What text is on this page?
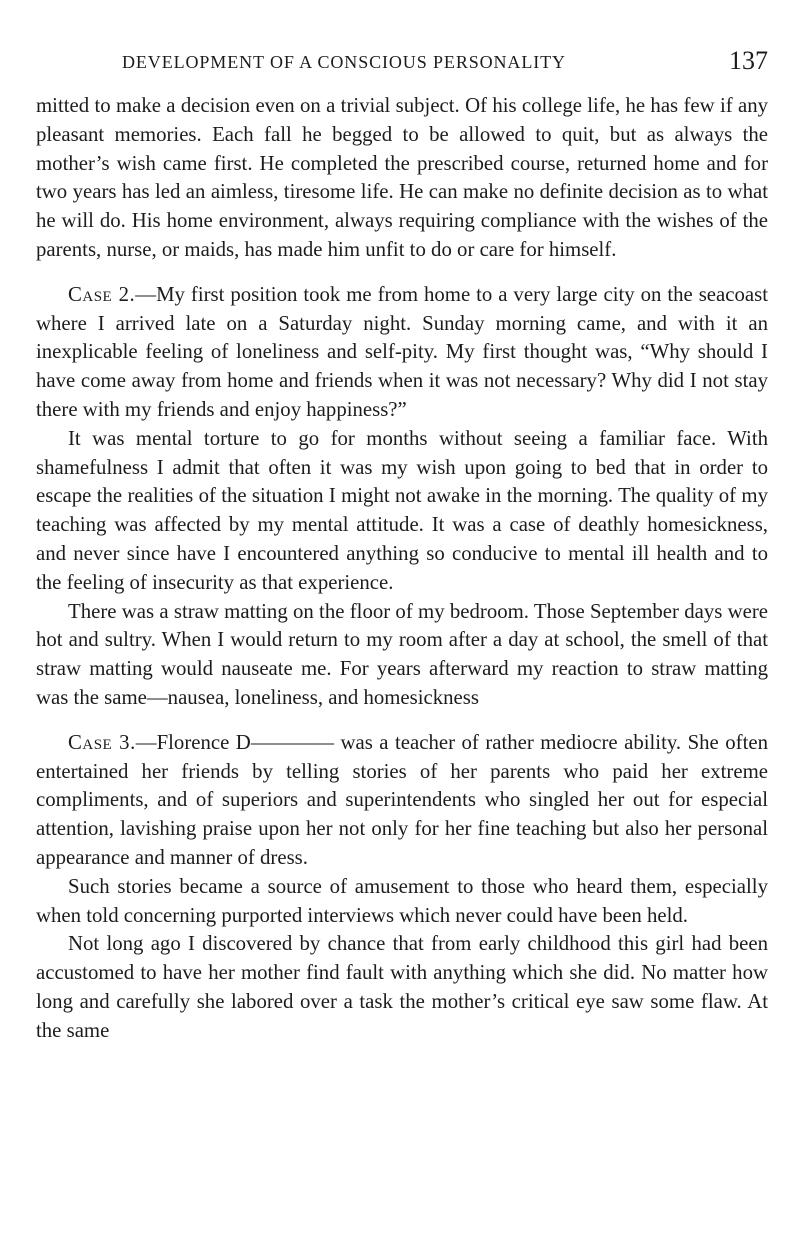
DEVELOPMENT OF A CONSCIOUS PERSONALITY	137

mitted to make a decision even on a trivial subject. Of his college life, he has few if any pleasant memories. Each fall he begged to be allowed to quit, but as always the mother’s wish came first. He completed the prescribed course, returned home and for two years has led an aimless, tiresome life. He can make no definite decision as to what he will do. His home environment, always requiring compliance with the wishes of the parents, nurse, or maids, has made him unfit to do or care for himself.

Case 2.—My first position took me from home to a very large city on the seacoast where I arrived late on a Saturday night. Sunday morning came, and with it an inexplicable feeling of loneliness and self-pity. My first thought was, “Why should I have come away from home and friends when it was not necessary? Why did I not stay there with my friends and enjoy happiness?”

It was mental torture to go for months without seeing a familiar face. With shamefulness I admit that often it was my wish upon going to bed that in order to escape the realities of the situation I might not awake in the morning. The quality of my teaching was affected by my mental attitude. It was a case of deathly homesickness, and never since have I encountered anything so conducive to mental ill health and to the feeling of insecurity as that experience.

There was a straw matting on the floor of my bedroom. Those September days were hot and sultry. When I would return to my room after a day at school, the smell of that straw matting would nauseate me. For years afterward my reaction to straw matting was the same—nausea, loneliness, and homesickness

Case 3.—Florence D———— was a teacher of rather mediocre ability. She often entertained her friends by telling stories of her parents who paid her extreme compliments, and of superiors and superintendents who singled her out for especial attention, lavishing praise upon her not only for her fine teaching but also her personal appearance and manner of dress.

Such stories became a source of amusement to those who heard them, especially when told concerning purported interviews which never could have been held.

Not long ago I discovered by chance that from early childhood this girl had been accustomed to have her mother find fault with anything which she did. No matter how long and carefully she labored over a task the mother’s critical eye saw some flaw. At the same
